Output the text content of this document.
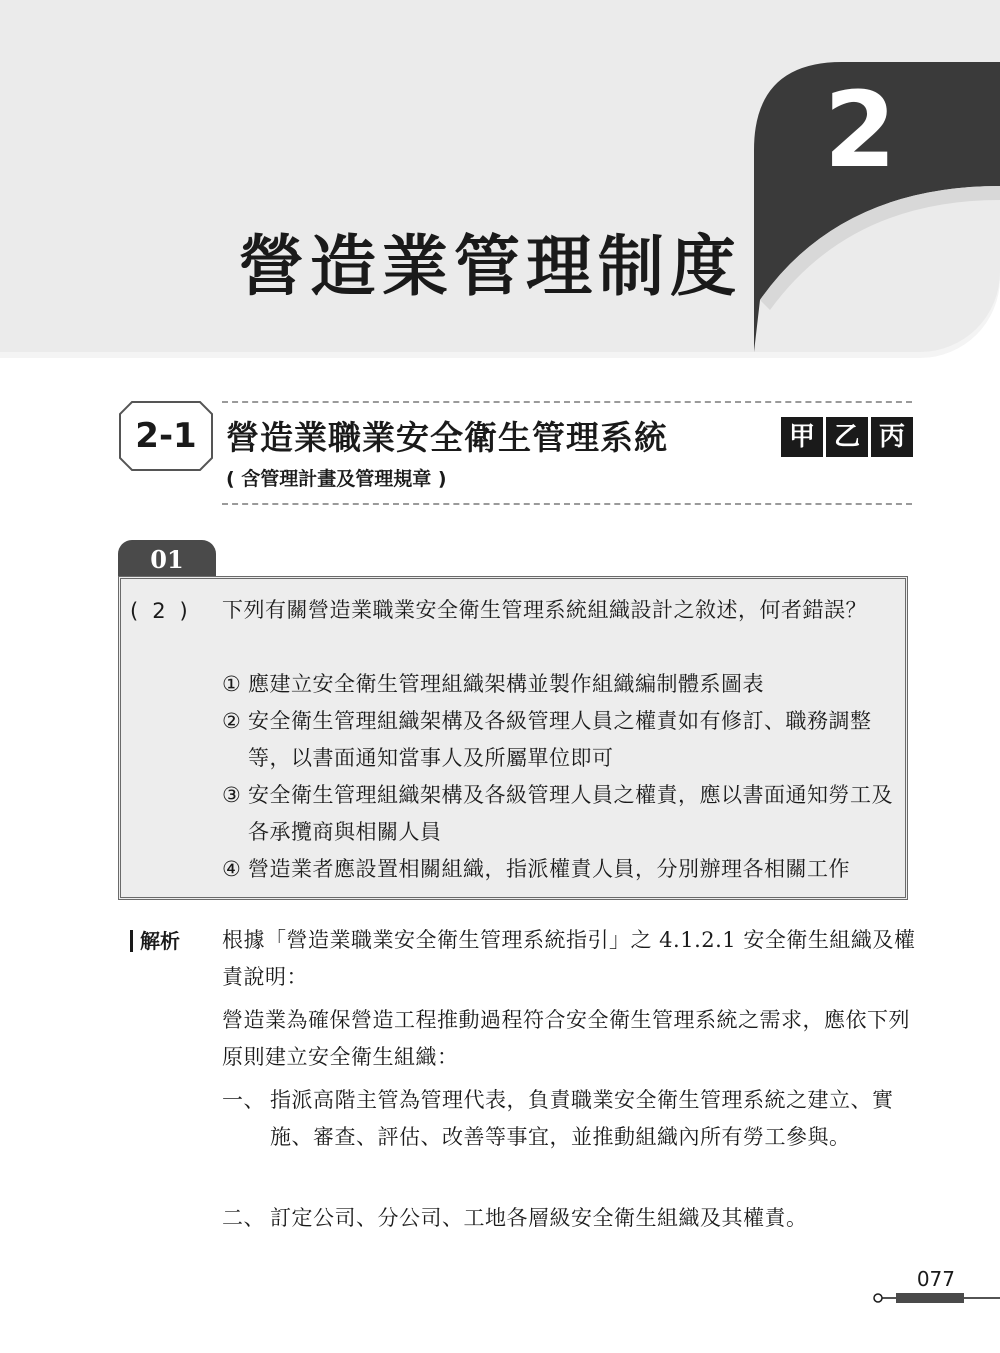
2
營造業管理制度
2-1 營造業職業安全衛生管理系統
( 含管理計畫及管理規章 )
甲 乙 丙
01
(2) 下列有關營造業職業安全衛生管理系統組織設計之敘述，何者錯誤？
① 應建立安全衛生管理組織架構並製作組織編制體系圖表
② 安全衛生管理組織架構及各級管理人員之權責如有修訂、職務調整等，以書面通知當事人及所屬單位即可
③ 安全衛生管理組織架構及各級管理人員之權責，應以書面通知勞工及各承攬商與相關人員
④ 營造業者應設置相關組織，指派權責人員，分別辦理各相關工作
解析	根據「營造業職業安全衛生管理系統指引」之 4.1.2.1 安全衛生組織及權責說明：
營造業為確保營造工程推動過程符合安全衛生管理系統之需求，應依下列原則建立安全衛生組織：
一、 指派高階主管為管理代表，負責職業安全衛生管理系統之建立、實施、審查、評估、改善等事宜，並推動組織內所有勞工參與。
二、 訂定公司、分公司、工地各層級安全衛生組織及其權責。
077
